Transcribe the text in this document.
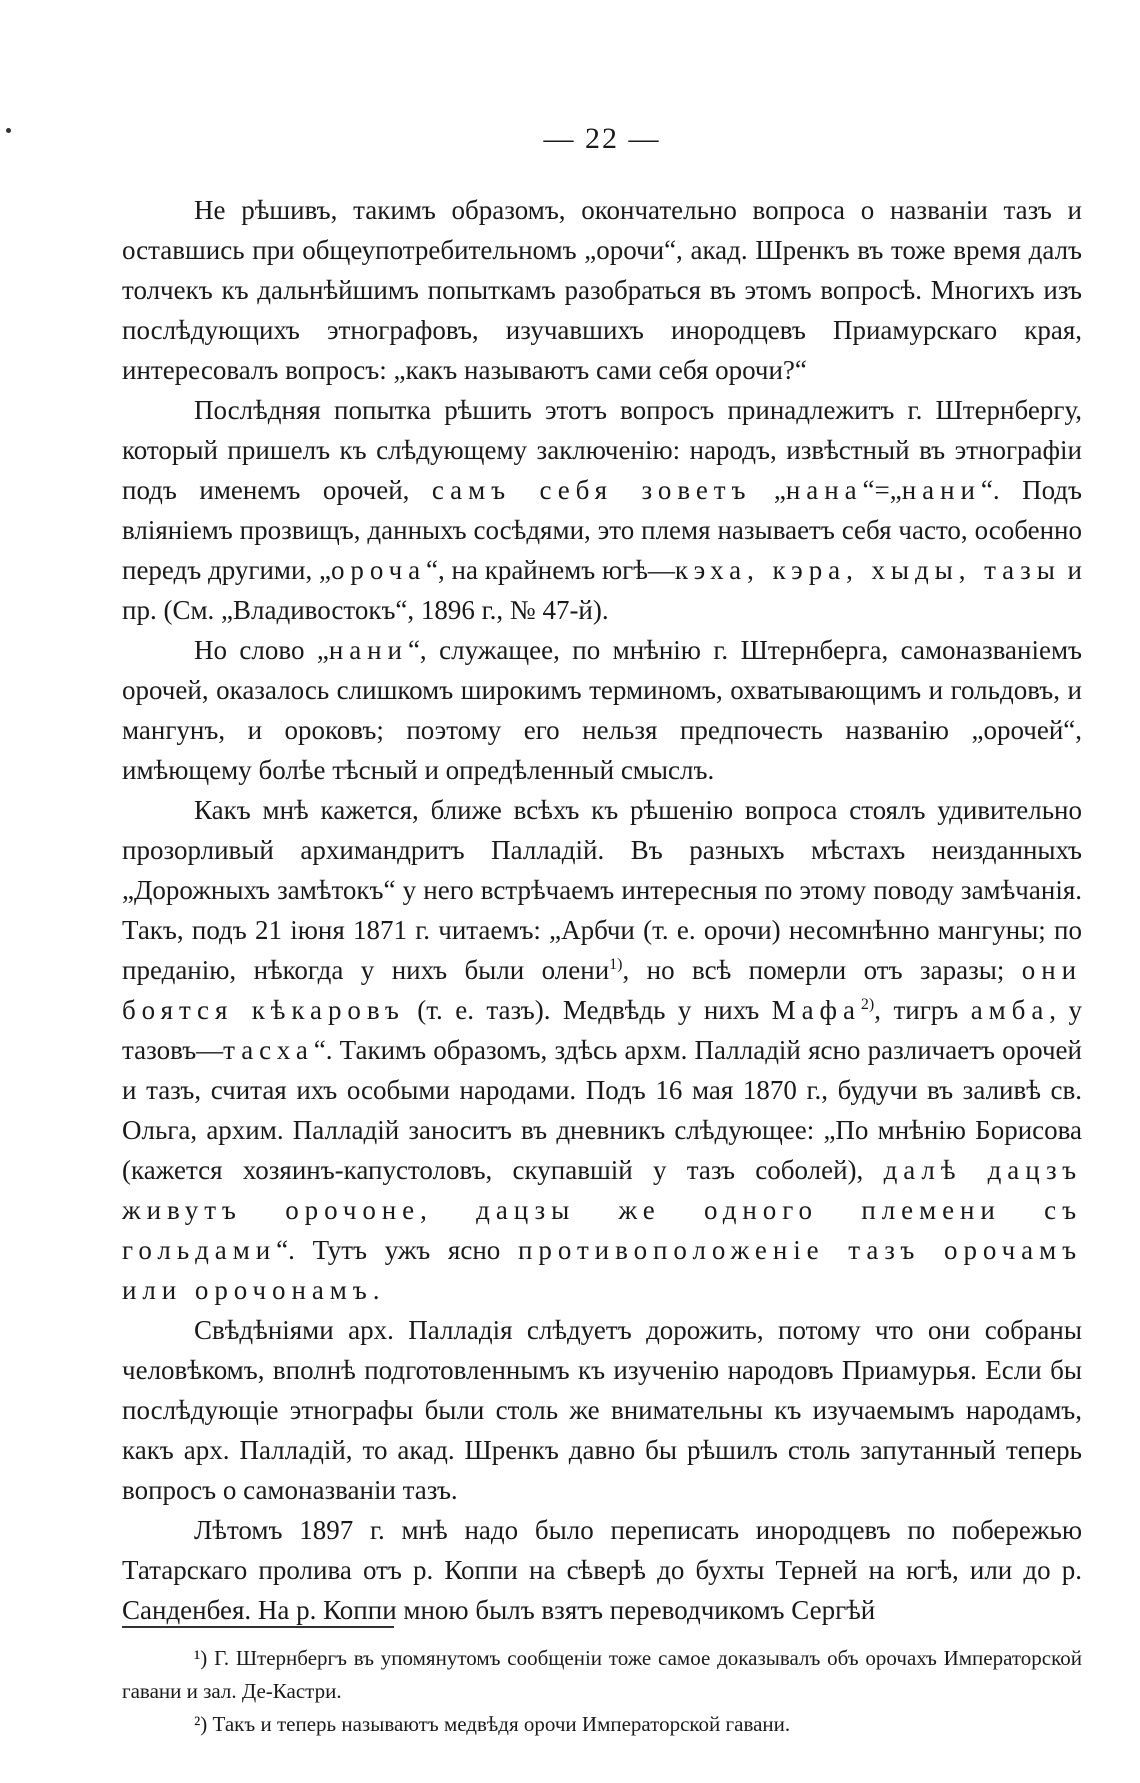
— 22 —

Не рѣшивъ, такимъ образомъ, окончательно вопроса о названіи тазъ и оставшись при общеупотребительномъ „орочи“, акад. Шренкъ въ тоже время далъ толчекъ къ дальнѣйшимъ попыткамъ разобраться въ этомъ вопросѣ. Многихъ изъ послѣдующихъ этнографовъ, изучавшихъ инородцевъ Приамурскаго края, интересовалъ вопросъ: „какъ называютъ сами себя орочи?“

Послѣдняя попытка рѣшить этотъ вопросъ принадлежитъ г. Штернбергу, который пришелъ къ слѣдующему заключенію: народъ, извѣстный въ этнографіи подъ именемъ орочей, самъ себя зоветъ „нана“=„нани“. Подъ вліяніемъ прозвищъ, данныхъ сосѣдями, это племя называетъ себя часто, особенно передъ другими, „ороча“, на крайнемъ югѣ—кэха, кэра, хыды, тазы и пр. (См. „Владивостокъ“, 1896 г., № 47-й).

Но слово „нани“, служащее, по мнѣнію г. Штернберга, самоназваніемъ орочей, оказалось слишкомъ широкимъ терминомъ, охватывающимъ и гольдовъ, и мангунъ, и ороковъ; поэтому его нельзя предпочесть названію „орочей“, имѣющему болѣе тѣсный и опредѣленный смыслъ.

Какъ мнѣ кажется, ближе всѣхъ къ рѣшенію вопроса стоялъ удивительно прозорливый архимандритъ Палладій. Въ разныхъ мѣстахъ неизданныхъ „Дорожныхъ замѣтокъ“ у него встрѣчаемъ интересныя по этому поводу замѣчанія. Такъ, подъ 21 іюня 1871 г. читаемъ: „Арбчи (т. е. орочи) несомнѣнно мангуны; по преданію, нѣкогда у нихъ были олени$^{1)}$, но всѣ померли отъ заразы; они боятся кѣкаровъ (т. е. тазъ). Медвѣдь у нихъ Мафа$^{2)}$, тигръ амба, у тазовъ—тасха“. Такимъ образомъ, здѣсь архм. Палладій ясно различаетъ орочей и тазъ, считая ихъ особыми народами. Подъ 16 мая 1870 г., будучи въ заливѣ св. Ольга, архим. Палладій заноситъ въ дневникъ слѣдующее: „По мнѣнію Борисова (кажется хозяинъ-капустоловъ, скупавшій у тазъ соболей), далѣ дацзъ живутъ орочоне, дацзы же одного племени съ гольдами“. Тутъ ужъ ясно противоположеніе тазъ орочамъ или орочонамъ.

Свѣдѣніями арх. Палладія слѣдуетъ дорожить, потому что они собраны человѣкомъ, вполнѣ подготовленнымъ къ изученію народовъ Приамурья. Если бы послѣдующіе этнографы были столь же внимательны къ изучаемымъ народамъ, какъ арх. Палладій, то акад. Шренкъ давно бы рѣшилъ столь запутанный теперь вопросъ о самоназваніи тазъ.

Лѣтомъ 1897 г. мнѣ надо было переписать инородцевъ по побережью Татарскаго пролива отъ р. Коппи на сѣверѣ до бухты Терней на югѣ, или до р. Санденбея. На р. Коппи мною былъ взятъ переводчикомъ Сергѣй

¹) Г. Штернбергъ въ упомянутомъ сообщеніи тоже самое доказывалъ объ орочахъ Императорской гавани и зал. Де-Кастри.

²) Такъ и теперь называютъ медвѣдя орочи Императорской гавани.
